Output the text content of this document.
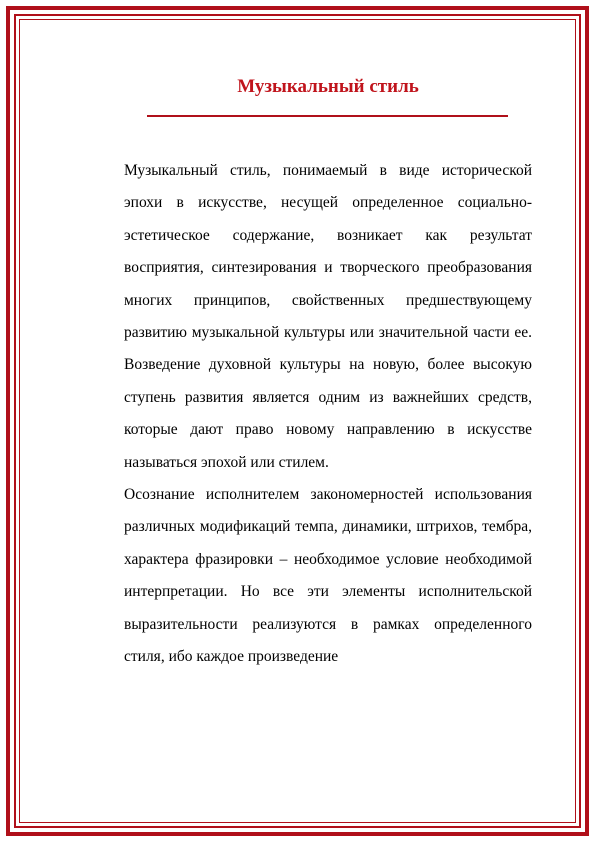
Музыкальный стиль

Музыкальный стиль, понимаемый в виде исторической эпохи в искусстве, несущей определенное социально-эстетическое содержание, возникает как результат восприятия, синтезирования и творческого преобразования многих принципов, свойственных предшествующему развитию музыкальной культуры или значительной части ее. Возведение духовной культуры на новую, более высокую ступень развития является одним из важнейших средств, которые дают право новому направлению в искусстве называться эпохой или стилем.

Осознание исполнителем закономерностей использования различных модификаций темпа, динамики, штрихов, тембра, характера фразировки – необходимое условие необходимой интерпретации. Но все эти элементы исполнительской выразительности реализуются в рамках определенного стиля, ибо каждое произведение
